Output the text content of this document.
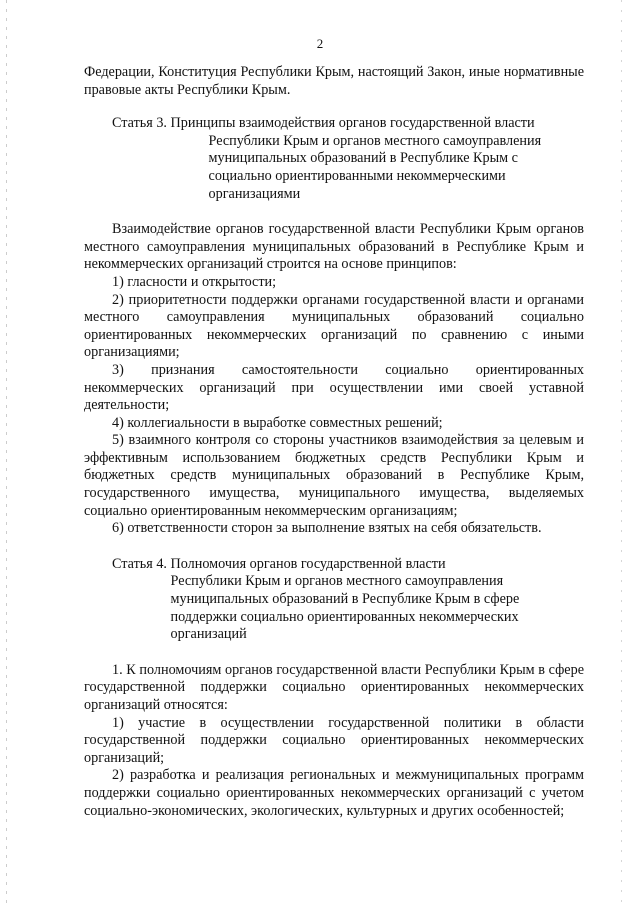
2

Федерации, Конституция Республики Крым, настоящий Закон, иные нормативные правовые акты Республики Крым.

Статья 3. Принципы взаимодействия органов государственной власти
Республики Крым и органов местного самоуправления муниципальных образований в Республике Крым с социально ориентированными некоммерческими организациями

Взаимодействие органов государственной власти Республики Крым органов местного самоуправления муниципальных образований в Республике Крым и некоммерческих организаций строится на основе принципов:

1) гласности и открытости;

2) приоритетности поддержки органами государственной власти и органами местного самоуправления муниципальных образований социально ориентированных некоммерческих организаций по сравнению с иными организациями;

3) признания самостоятельности социально ориентированных некоммерческих организаций при осуществлении ими своей уставной деятельности;

4) коллегиальности в выработке совместных решений;

5) взаимного контроля со стороны участников взаимодействия за целевым и эффективным использованием бюджетных средств Республики Крым и бюджетных средств муниципальных образований в Республике Крым, государственного имущества, муниципального имущества, выделяемых социально ориентированным некоммерческим организациям;

6) ответственности сторон за выполнение взятых на себя обязательств.

Статья 4. Полномочия органов государственной власти
Республики Крым и органов местного самоуправления муниципальных образований в Республике Крым в сфере поддержки социально ориентированных некоммерческих организаций

1. К полномочиям органов государственной власти Республики Крым в сфере государственной поддержки социально ориентированных некоммерческих организаций относятся:

1) участие в осуществлении государственной политики в области государственной поддержки социально ориентированных некоммерческих организаций;

2) разработка и реализация региональных и межмуниципальных программ поддержки социально ориентированных некоммерческих организаций с учетом социально-экономических, экологических, культурных и других особенностей;
